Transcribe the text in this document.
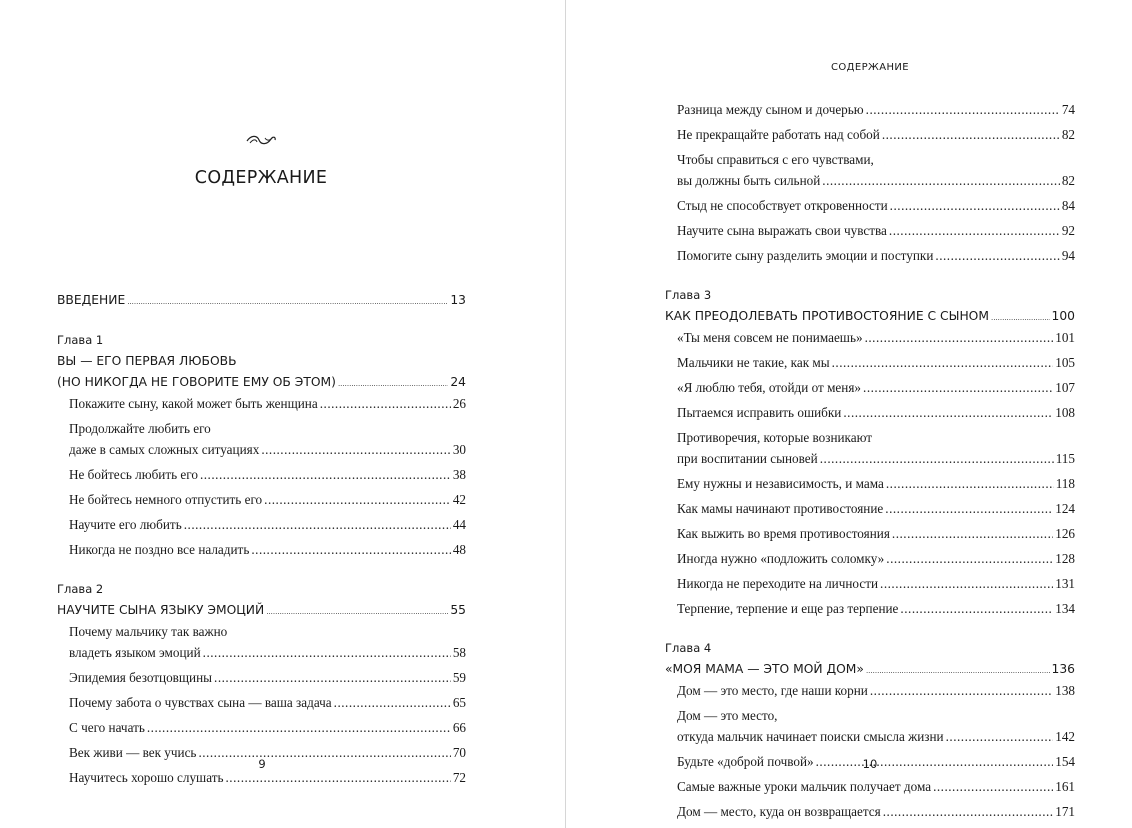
СОДЕРЖАНИЕ
ВВЕДЕНИЕ .....	13
Глава 1
ВЫ — ЕГО ПЕРВАЯ ЛЮБОВЬ
(НО НИКОГДА НЕ ГОВОРИТЕ ЕМУ ОБ ЭТОМ) .....	24
Покажите сыну, какой может быть женщина .....	26
Продолжайте любить его
даже в самых сложных ситуациях .....	30
Не бойтесь любить его .....	38
Не бойтесь немного отпустить его .....	42
Научите его любить .....	44
Никогда не поздно все наладить .....	48
Глава 2
НАУЧИТЕ СЫНА ЯЗЫКУ ЭМОЦИЙ .....	55
Почему мальчику так важно
владеть языком эмоций .....	58
Эпидемия безотцовщины .....	59
Почему забота о чувствах сына — ваша задача .....	65
С чего начать .....	66
Век живи — век учись .....	70
Научитесь хорошо слушать .....	72
9
СОДЕРЖАНИЕ
Разница между сыном и дочерью .....	74
Не прекращайте работать над собой .....	82
Чтобы справиться с его чувствами,
вы должны быть сильной .....	82
Стыд не способствует откровенности .....	84
Научите сына выражать свои чувства .....	92
Помогите сыну разделить эмоции и поступки .....	94
Глава 3
КАК ПРЕОДОЛЕВАТЬ ПРОТИВОСТОЯНИЕ С СЫНОМ .....	100
«Ты меня совсем не понимаешь» .....	101
Мальчики не такие, как мы .....	105
«Я люблю тебя, отойди от меня» .....	107
Пытаемся исправить ошибки .....	108
Противоречия, которые возникают
при воспитании сыновей .....	115
Ему нужны и независимость, и мама .....	118
Как мамы начинают противостояние .....	124
Как выжить во время противостояния .....	126
Иногда нужно «подложить соломку» .....	128
Никогда не переходите на личности .....	131
Терпение, терпение и еще раз терпение .....	134
Глава 4
«МОЯ МАМА — ЭТО МОЙ ДОМ» .....	136
Дом — это место, где наши корни .....	138
Дом — это место,
откуда мальчик начинает поиски смысла жизни .....	142
Будьте «доброй почвой» .....	154
Самые важные уроки мальчик получает дома .....	161
Дом — место, куда он возвращается .....	171
10
